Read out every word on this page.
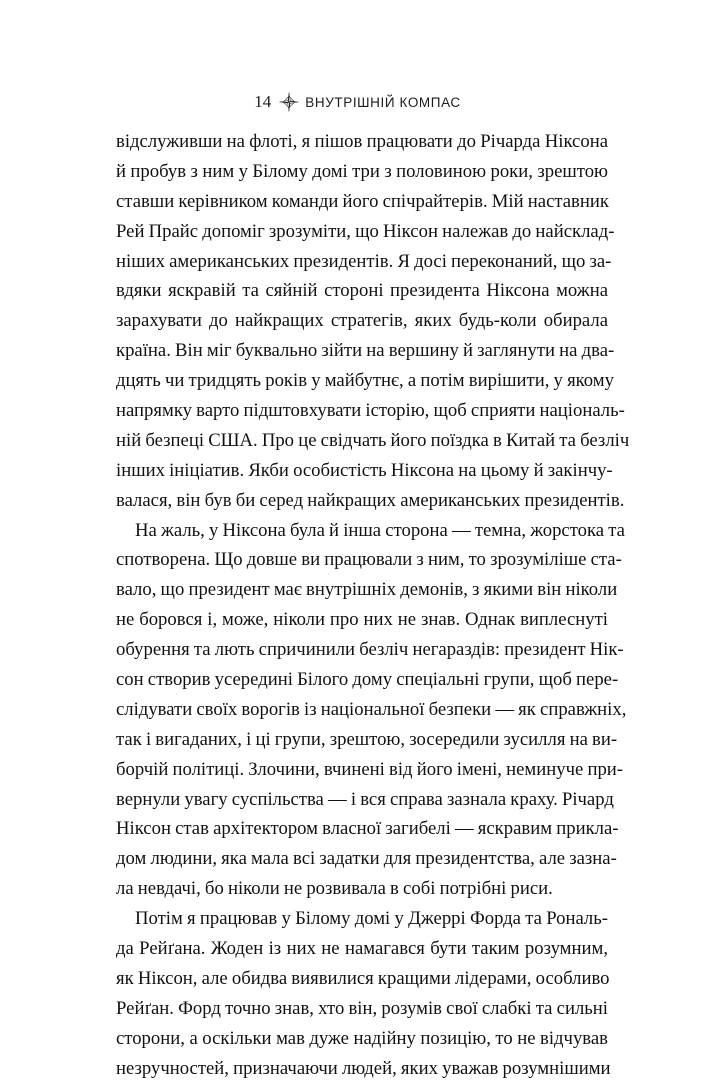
14	ВНУТРІШНІЙ КОМПАС
відслуживши на флоті, я пішов працювати до Річарда Ніксона
й пробув з ним у Білому домі три з половиною роки, зрештою
ставши керівником команди його спічрайтерів. Мій наставник
Рей Прайс допоміг зрозуміти, що Ніксон належав до найсклад-
ніших американських президентів. Я досі переконаний, що за-
вдяки яскравій та сяйній стороні президента Ніксона можна
зарахувати до найкращих стратегів, яких будь-коли обирала
країна. Він міг буквально зійти на вершину й заглянути на два-
дцять чи тридцять років у майбутнє, а потім вирішити, у якому
напрямку варто підштовхувати історію, щоб сприяти національ-
ній безпеці США. Про це свідчать його поїздка в Китай та безліч
інших ініціатив. Якби особистість Ніксона на цьому й закінчу-
валася, він був би серед найкращих американських президентів.
На жаль, у Ніксона була й інша сторона — темна, жорстока та
спотворена. Що довше ви працювали з ним, то зрозуміліше ста-
вало, що президент має внутрішніх демонів, з якими він ніколи
не боровся і, може, ніколи про них не знав. Однак виплеснуті
обурення та лють спричинили безліч негараздів: президент Нік-
сон створив усередині Білого дому спеціальні групи, щоб пере-
слідувати своїх ворогів із національної безпеки — як справжніх,
так і вигаданих, і ці групи, зрештою, зосередили зусилля на ви-
борчій політиці. Злочини, вчинені від його імені, неминуче при-
вернули увагу суспільства — і вся справа зазнала краху. Річард
Ніксон став архітектором власної загибелі — яскравим прикла-
дом людини, яка мала всі задатки для президентства, але зазна-
ла невдачі, бо ніколи не розвивала в собі потрібні риси.
Потім я працював у Білому домі у Джеррі Форда та Рональ-
да Рейґана. Жоден із них не намагався бути таким розумним,
як Ніксон, але обидва виявилися кращими лідерами, особливо
Рейґан. Форд точно знав, хто він, розумів свої слабкі та сильні
сторони, а оскільки мав дуже надійну позицію, то не відчував
незручностей, призначаючи людей, яких уважав розумнішими
